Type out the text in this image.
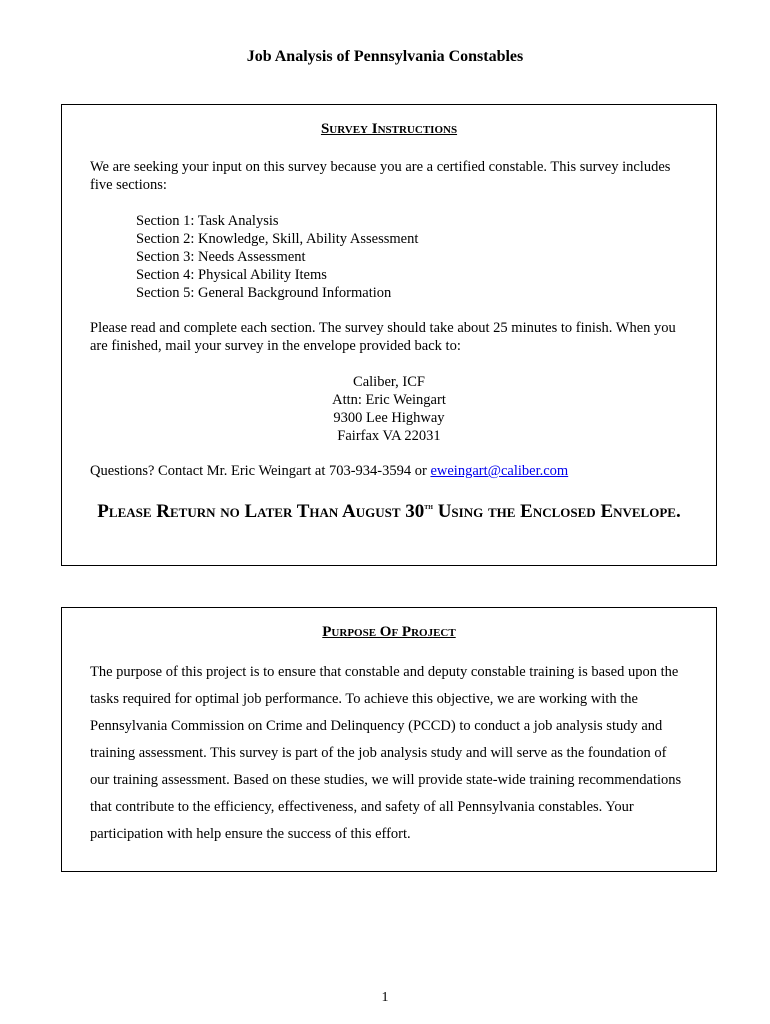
Job Analysis of Pennsylvania Constables
Survey Instructions
We are seeking your input on this survey because you are a certified constable. This survey includes five sections:
Section 1: Task Analysis
Section 2: Knowledge, Skill, Ability Assessment
Section 3: Needs Assessment
Section 4: Physical Ability Items
Section 5: General Background Information
Please read and complete each section. The survey should take about 25 minutes to finish. When you are finished, mail your survey in the envelope provided back to:
Caliber, ICF
Attn: Eric Weingart
9300 Lee Highway
Fairfax VA 22031
Questions? Contact Mr. Eric Weingart at 703-934-3594 or eweingart@caliber.com
Please Return no Later Than August 30th Using the Enclosed Envelope.
Purpose Of Project
The purpose of this project is to ensure that constable and deputy constable training is based upon the tasks required for optimal job performance. To achieve this objective, we are working with the Pennsylvania Commission on Crime and Delinquency (PCCD) to conduct a job analysis study and training assessment. This survey is part of the job analysis study and will serve as the foundation of our training assessment. Based on these studies, we will provide state-wide training recommendations that contribute to the efficiency, effectiveness, and safety of all Pennsylvania constables. Your participation with help ensure the success of this effort.
1
